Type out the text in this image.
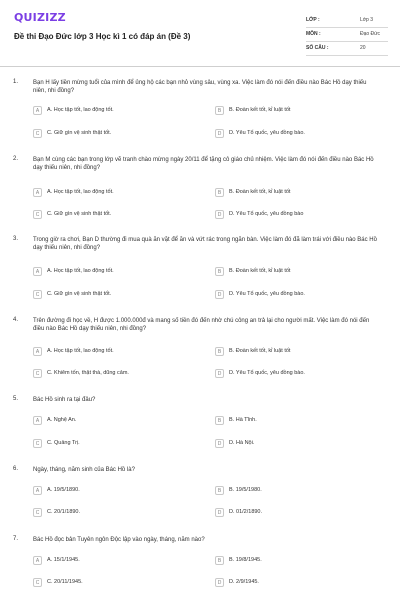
QUIZIZZ
Đề thi Đạo Đức lớp 3 Học kì 1 có đáp án (Đề 3)
LỚP :	Lớp 3
MÔN :	Đạo Đức
SỐ CÂU :	20
1. Bạn H lấy tiền mừng tuổi của mình để ủng hộ các bạn nhỏ vùng sâu, vùng xa. Việc làm đó nói đến điều nào Bác Hồ dạy thiếu niên, nhi đồng?
A	A. Học tập tốt, lao động tốt.	B	B. Đoàn kết tốt, kỉ luật tốt
C	C. Giữ gìn vệ sinh thật tốt.	D	D. Yêu Tổ quốc, yêu đồng bào.
2. Bạn M cùng các bạn trong lớp vẽ tranh chào mừng ngày 20/11 để tặng cô giáo chủ nhiệm. Việc làm đó nói đến điều nào Bác Hồ dạy thiếu niên, nhi đồng?
A	A. Học tập tốt, lao động tốt.	B	B. Đoàn kết tốt, kỉ luật tốt
C	C. Giữ gìn vệ sinh thật tốt.	D	D. Yêu Tổ quốc, yêu đồng bào
3. Trong giờ ra chơi, Bạn D thường đi mua quà ăn vặt để ăn và vứt rác trong ngăn bàn. Việc làm đó đã làm trái với điều nào Bác Hồ dạy thiếu niên, nhi đồng?
A	A. Học tập tốt, lao động tốt.	B	B. Đoàn kết tốt, kỉ luật tốt
C	C. Giữ gìn vệ sinh thật tốt.	D	D. Yêu Tổ quốc, yêu đồng bào.
4. Trên đường đi học về, H được 1.000.000đ và mang số tiền đó đến nhờ chú công an trả lại cho người mất. Việc làm đó nói đến điều nào Bác Hồ dạy thiếu niên, nhi đồng?
A	A. Học tập tốt, lao động tốt.	B	B. Đoàn kết tốt, kỉ luật tốt
C	C. Khiêm tốn, thật thà, dũng cảm.	D	D. Yêu Tổ quốc, yêu đồng bào.
5. Bác Hồ sinh ra tại đâu?
A	A. Nghệ An.	B	B. Hà Tĩnh.
C	C. Quảng Trị.	D	D. Hà Nội.
6. Ngày, tháng, năm sinh của Bác Hồ là?
A	A. 19/5/1890.	B	B. 19/5/1980.
C	C. 20/1/1890.	D	D. 01/2/1890.
7. Bác Hồ đọc bản Tuyên ngôn Độc lập vào ngày, tháng, năm nào?
A	A. 15/1/1945.	B	B. 19/8/1945.
C	C. 20/11/1945.	D	D. 2/9/1945.
